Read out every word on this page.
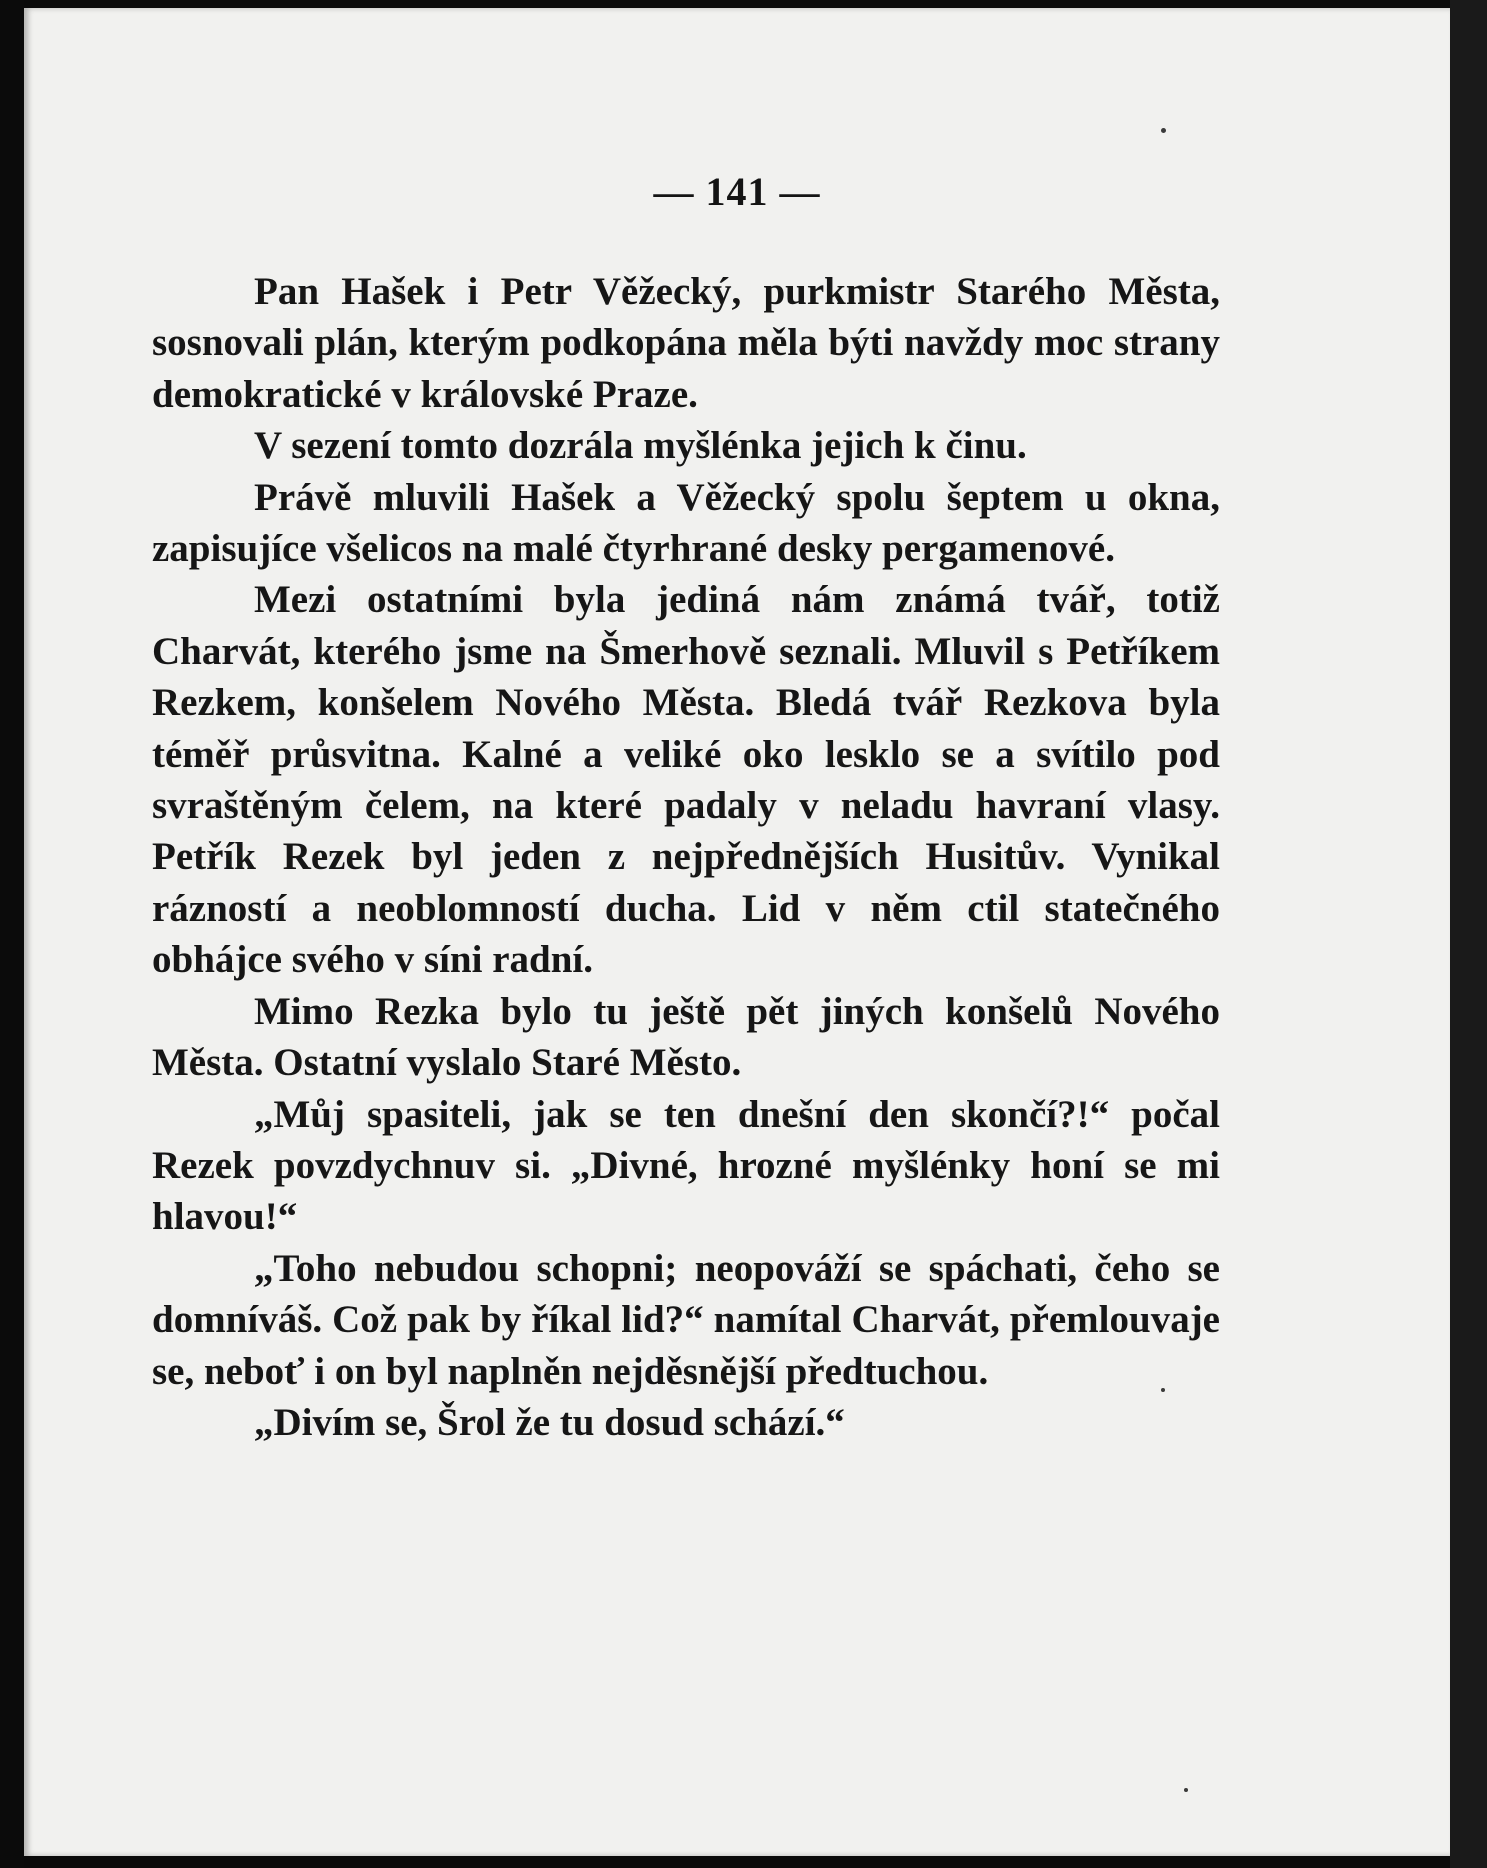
— 141 —

Pan Hašek i Petr Věžecký, purkmistr Starého Města, sosnovali plán, kterým podkopána měla býti navždy moc strany demokratické v královské Praze.

V sezení tomto dozrála myšlénka jejich k činu.

Právě mluvili Hašek a Věžecký spolu šeptem u okna, zapisujíce všelicos na malé čtyrhrané desky pergamenové.

Mezi ostatními byla jediná nám známá tvář, totiž Charvát, kterého jsme na Šmerhově seznali. Mluvil s Petříkem Rezkem, konšelem Nového Města. Bledá tvář Rezkova byla téměř průsvitna. Kalné a veliké oko lesklo se a svítilo pod svraštěným čelem, na které padaly v neladu havraní vlasy. Petřík Rezek byl jeden z nejpřednějších Husitův. Vynikal rázností a neoblomností ducha. Lid v něm ctil statečného obhájce svého v síni radní.

Mimo Rezka bylo tu ještě pět jiných konšelů Nového Města. Ostatní vyslalo Staré Město.

„Můj spasiteli, jak se ten dnešní den skončí?!“ počal Rezek povzdychnuv si. „Divné, hrozné myšlénky honí se mi hlavou!“

„Toho nebudou schopni; neopováží se spáchati, čeho se domníváš. Což pak by říkal lid?“ namítal Charvát, přemlouvaje se, neboť i on byl naplněn nejděsnější předtuchou.

„Divím se, Šrol že tu dosud schází.“
